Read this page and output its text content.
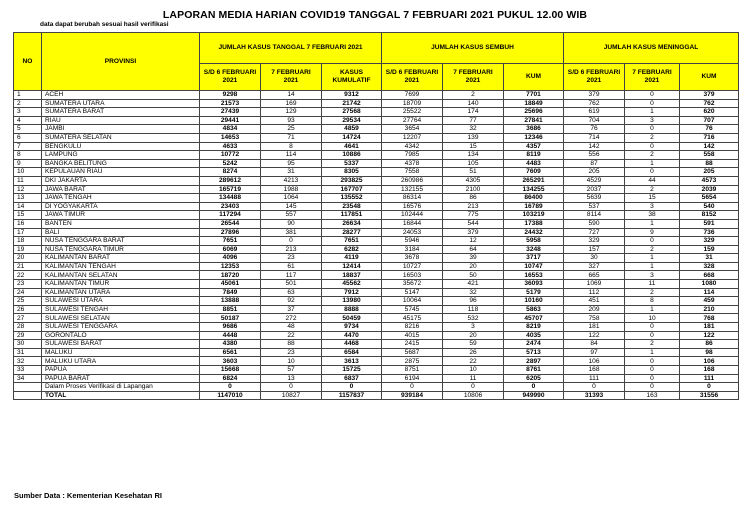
LAPORAN MEDIA HARIAN COVID19 TANGGAL 7 FEBRUARI 2021 PUKUL 12.00 WIB
data dapat berubah sesuai hasil verifikasi
NO	PROVINSI	JUMLAH KASUS TANGGAL 7 FEBRUARI 2021			JUMLAH KASUS SEMBUH			JUMLAH KASUS MENINGGAL		
		S/D 6 FEBRUARI 2021	7 FEBRUARI 2021	KASUS KUMULATIF	S/D 6 FEBRUARI 2021	7 FEBRUARI 2021	KUM	S/D 6 FEBRUARI 2021	7 FEBRUARI 2021	KUM
1	ACEH	9298	14	9312	7699	2	7701	379	0	379
2	SUMATERA UTARA	21573	169	21742	18709	140	18849	762	0	762
3	SUMATERA BARAT	27439	129	27568	25522	174	25696	619	1	620
4	RIAU	29441	93	29534	27764	77	27841	704	3	707
5	JAMBI	4834	25	4859	3654	32	3686	76	0	76
6	SUMATERA SELATAN	14653	71	14724	12207	139	12346	714	2	716
7	BENGKULU	4633	8	4641	4342	15	4357	142	0	142
8	LAMPUNG	10772	114	10886	7985	134	8119	556	2	558
9	BANGKA BELITUNG	5242	95	5337	4378	105	4483	87	1	88
10	KEPULAUAN RIAU	8274	31	8305	7558	51	7609	205	0	205
11	DKI JAKARTA	289612	4213	293825	260986	4305	265291	4529	44	4573
12	JAWA BARAT	165719	1988	167707	132155	2100	134255	2037	2	2039
13	JAWA TENGAH	134488	1064	135552	86314	86	86400	5639	15	5654
14	DI YOGYAKARTA	23403	145	23548	16576	213	16789	537	3	540
15	JAWA TIMUR	117294	557	117851	102444	775	103219	8114	38	8152
16	BANTEN	26544	90	26634	16844	544	17388	590	1	591
17	BALI	27896	381	28277	24053	379	24432	727	9	736
18	NUSA TENGGARA BARAT	7651	0	7651	5946	12	5958	329	0	329
19	NUSA TENGGARA TIMUR	6069	213	6282	3184	64	3248	157	2	159
20	KALIMANTAN BARAT	4096	23	4119	3678	39	3717	30	1	31
21	KALIMANTAN TENGAH	12353	61	12414	10727	20	10747	327	1	328
22	KALIMANTAN SELATAN	18720	117	18837	16503	50	16553	665	3	668
23	KALIMANTAN TIMUR	45061	501	45562	35672	421	36093	1069	11	1080
24	KALIMANTAN UTARA	7849	63	7912	5147	32	5179	112	2	114
25	SULAWESI UTARA	13888	92	13980	10064	96	10160	451	8	459
26	SULAWESI TENGAH	8851	37	8888	5745	118	5863	209	1	210
27	SULAWESI SELATAN	50187	272	50459	45175	532	45707	758	10	768
28	SULAWESI TENGGARA	9686	48	9734	8216	3	8219	181	0	181
29	GORONTALO	4448	22	4470	4015	20	4035	122	0	122
30	SULAWESI BARAT	4380	88	4468	2415	59	2474	84	2	86
31	MALUKU	6561	23	6584	5687	26	5713	97	1	98
32	MALUKU UTARA	3603	10	3613	2875	22	2897	106	0	106
33	PAPUA	15668	57	15725	8751	10	8761	168	0	168
34	PAPUA BARAT	6824	13	6837	6194	11	6205	111	0	111
	Dalam Proses Verifikasi di Lapangan	0	0	0	0	0	0	0	0	0
	TOTAL	1147010	10827	1157837	939184	10806	949990	31393	163	31556
Sumber Data : Kementerian Kesehatan RI
